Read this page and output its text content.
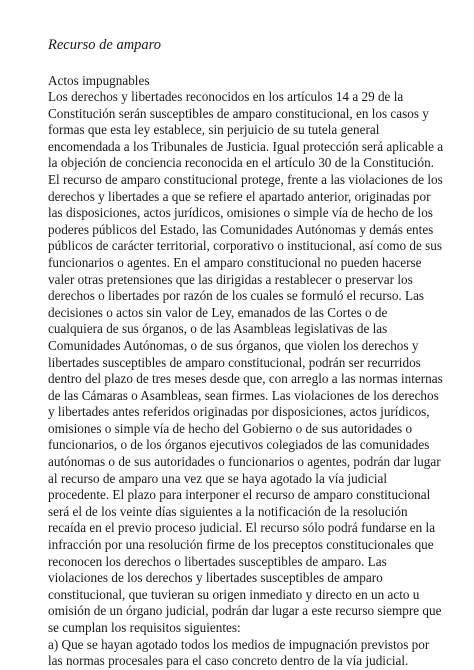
Recurso de amparo

Actos impugnables

Los derechos y libertades reconocidos en los artículos 14 a 29 de la
Constitución serán susceptibles de amparo constitucional, en los casos y
formas que esta ley establece, sin perjuicio de su tutela general
encomendada a los Tribunales de Justicia. Igual protección será aplicable a
la objeción de conciencia reconocida en el artículo 30 de la Constitución.
El recurso de amparo constitucional protege, frente a las violaciones de los
derechos y libertades a que se refiere el apartado anterior, originadas por
las disposiciones, actos jurídicos, omisiones o simple vía de hecho de los
poderes públicos del Estado, las Comunidades Autónomas y demás entes
públicos de carácter territorial, corporativo o institucional, así como de sus
funcionarios o agentes. En el amparo constitucional no pueden hacerse
valer otras pretensiones que las dirigidas a restablecer o preservar los
derechos o libertades por razón de los cuales se formuló el recurso. Las
decisiones o actos sin valor de Ley, emanados de las Cortes o de
cualquiera de sus órganos, o de las Asambleas legislativas de las
Comunidades Autónomas, o de sus órganos, que violen los derechos y
libertades susceptibles de amparo constitucional, podrán ser recurridos
dentro del plazo de tres meses desde que, con arreglo a las normas internas
de las Cámaras o Asambleas, sean firmes. Las violaciones de los derechos
y libertades antes referidos originadas por disposiciones, actos jurídicos,
omisiones o simple vía de hecho del Gobierno o de sus autoridades o
funcionarios, o de los órganos ejecutivos colegiados de las comunidades
autónomas o de sus autoridades o funcionarios o agentes, podrán dar lugar
al recurso de amparo una vez que se haya agotado la vía judicial
procedente. El plazo para interponer el recurso de amparo constitucional
será el de los veinte días siguientes a la notificación de la resolución
recaída en el previo proceso judicial. El recurso sólo podrá fundarse en la
infracción por una resolución firme de los preceptos constitucionales que
reconocen los derechos o libertades susceptibles de amparo. Las
violaciones de los derechos y libertades susceptibles de amparo
constitucional, que tuvieran su origen inmediato y directo en un acto u
omisión de un órgano judicial, podrán dar lugar a este recurso siempre que
se cumplan los requisitos siguientes:
a) Que se hayan agotado todos los medios de impugnación previstos por
las normas procesales para el caso concreto dentro de la vía judicial.
